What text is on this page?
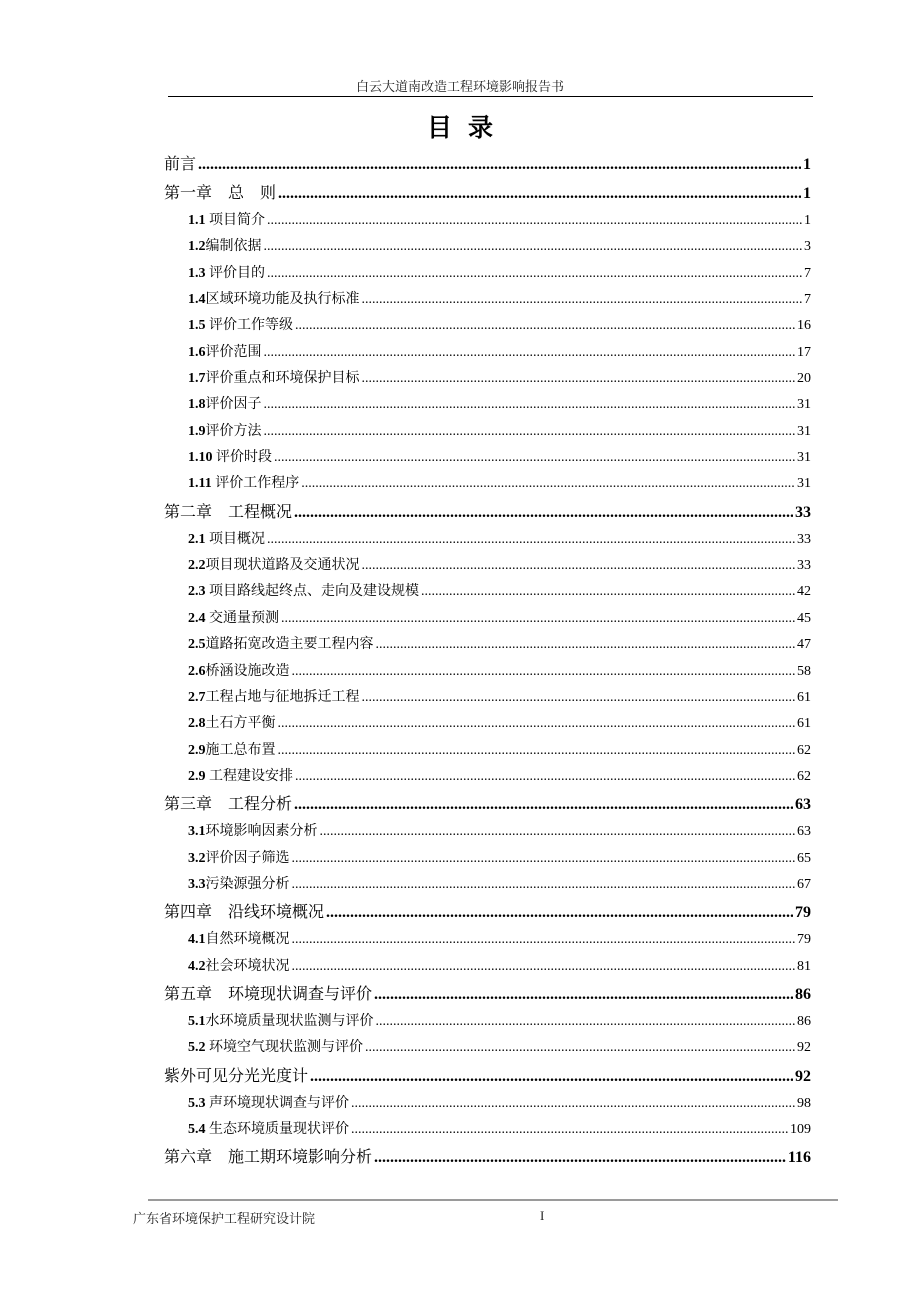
白云大道南改造工程环境影响报告书
目录
前言 .....	1
第一章　总　则 .....	1
1.1 项目简介 .....	1
1.2编制依据 .....	3
1.3 评价目的 .....	7
1.4区域环境功能及执行标准 .....	7
1.5 评价工作等级 .....	16
1.6评价范围 .....	17
1.7评价重点和环境保护目标 .....	20
1.8评价因子 .....	31
1.9评价方法 .....	31
1.10 评价时段 .....	31
1.11 评价工作程序 .....	31
第二章　工程概况 .....	33
2.1 项目概况 .....	33
2.2项目现状道路及交通状况 .....	33
2.3 项目路线起终点、走向及建设规模 .....	42
2.4 交通量预测 .....	45
2.5道路拓宽改造主要工程内容 .....	47
2.6桥涵设施改造 .....	58
2.7工程占地与征地拆迁工程 .....	61
2.8土石方平衡 .....	61
2.9施工总布置 .....	62
2.9 工程建设安排 .....	62
第三章　工程分析 .....	63
3.1环境影响因素分析 .....	63
3.2评价因子筛选 .....	65
3.3污染源强分析 .....	67
第四章　沿线环境概况 .....	79
4.1自然环境概况 .....	79
4.2社会环境状况 .....	81
第五章　环境现状调查与评价 .....	86
5.1水环境质量现状监测与评价 .....	86
5.2 环境空气现状监测与评价 .....	92
紫外可见分光光度计 .....	92
5.3 声环境现状调查与评价 .....	98
5.4 生态环境质量现状评价 .....	109
第六章　施工期环境影响分析 .....	116
广东省环境保护工程研究设计院	I
